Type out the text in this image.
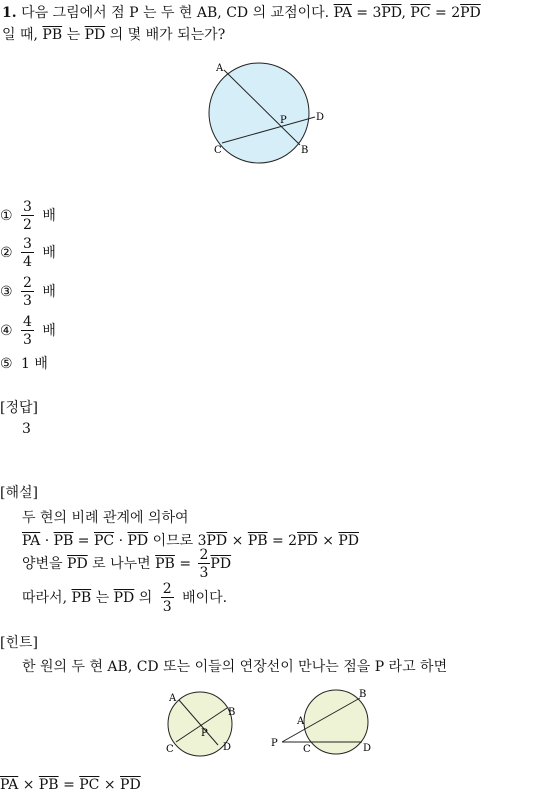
1. 다음 그림에서 점 P 는 두 현 AB, CD 의 교점이다. $\overline{PA} = 3\overline{PD}$, $\overline{PC} = 2\overline{PD}$
일 때, $\overline{PB}$ 는 $\overline{PD}$ 의 몇 배가 되는가?
A
B
C
D
P
① $\frac{3}{2}$ 배
② $\frac{3}{4}$ 배
③ $\frac{2}{3}$ 배
④ $\frac{4}{3}$ 배
⑤ 1 배
[정답]
3
[해설]
두 현의 비례 관계에 의하여
$\overline{PA} \cdot \overline{PB} = \overline{PC} \cdot \overline{PD}$ 이므로 $3\overline{PD} \times \overline{PB} = 2\overline{PD} \times \overline{PD}$
양변을 $\overline{PD}$ 로 나누면 $\overline{PB} = \frac{2}{3} \overline{PD}$
따라서, $\overline{PB}$ 는 $\overline{PD}$ 의 $\frac{2}{3}$ 배이다.
[힌트]
한 원의 두 현 AB, CD 또는 이들의 연장선이 만나는 점을 P 라고 하면
A
B
C	D
P
P
A
B
C	D
$\overline{PA} \times \overline{PB} = \overline{PC} \times \overline{PD}$
